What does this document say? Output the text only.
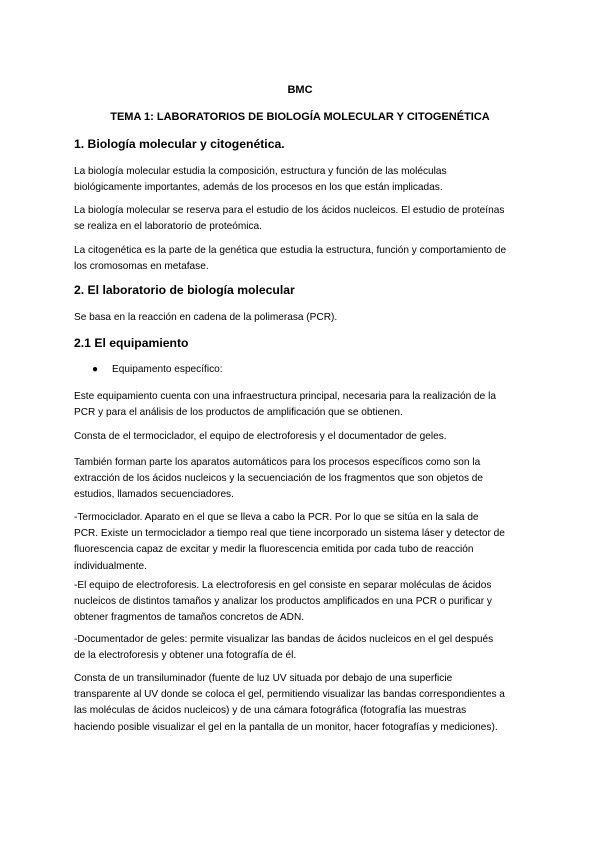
BMC
TEMA 1: LABORATORIOS DE BIOLOGÍA MOLECULAR Y CITOGENÉTICA
1. Biología molecular y citogenética.
La biología molecular estudia la composición, estructura y función de las moléculas
biológicamente importantes, además de los procesos en los que están implicadas.
La biología molecular se reserva para el estudio de los ácidos nucleicos. El estudio de proteínas
se realiza en el laboratorio de proteómica.
La citogenética es la parte de la genética que estudia la estructura, función y comportamiento de
los cromosomas en metafase.
2. El laboratorio de biología molecular
Se basa en la reacción en cadena de la polimerasa (PCR).
2.1 El equipamiento
● Equipamento específico:
Este equipamiento cuenta con una infraestructura principal, necesaria para la realización de la
PCR y para el análisis de los productos de amplificación que se obtienen.
Consta de el termociclador, el equipo de electroforesis y el documentador de geles.
También forman parte los aparatos automáticos para los procesos específicos como son la
extracción de los ácidos nucleicos y la secuenciación de los fragmentos que son objetos de
estudios, llamados secuenciadores.
-Termociclador. Aparato en el que se lleva a cabo la PCR. Por lo que se sitúa en la sala de
PCR. Existe un termociclador a tiempo real que tiene incorporado un sistema láser y detector de
fluorescencia capaz de excitar y medir la fluorescencia emitida por cada tubo de reacción
individualmente.
-El equipo de electroforesis. La electroforesis en gel consiste en separar moléculas de ácidos
nucleicos de distintos tamaños y analizar los productos amplificados en una PCR o purificar y
obtener fragmentos de tamaños concretos de ADN.
-Documentador de geles: permite visualizar las bandas de ácidos nucleicos en el gel después
de la electroforesis y obtener una fotografía de él.
Consta de un transiluminador (fuente de luz UV situada por debajo de una superficie
transparente al UV donde se coloca el gel, permitiendo visualizar las bandas correspondientes a
las moléculas de ácidos nucleicos) y de una cámara fotográfica (fotografía las muestras
haciendo posible visualizar el gel en la pantalla de un monitor, hacer fotografías y mediciones).
